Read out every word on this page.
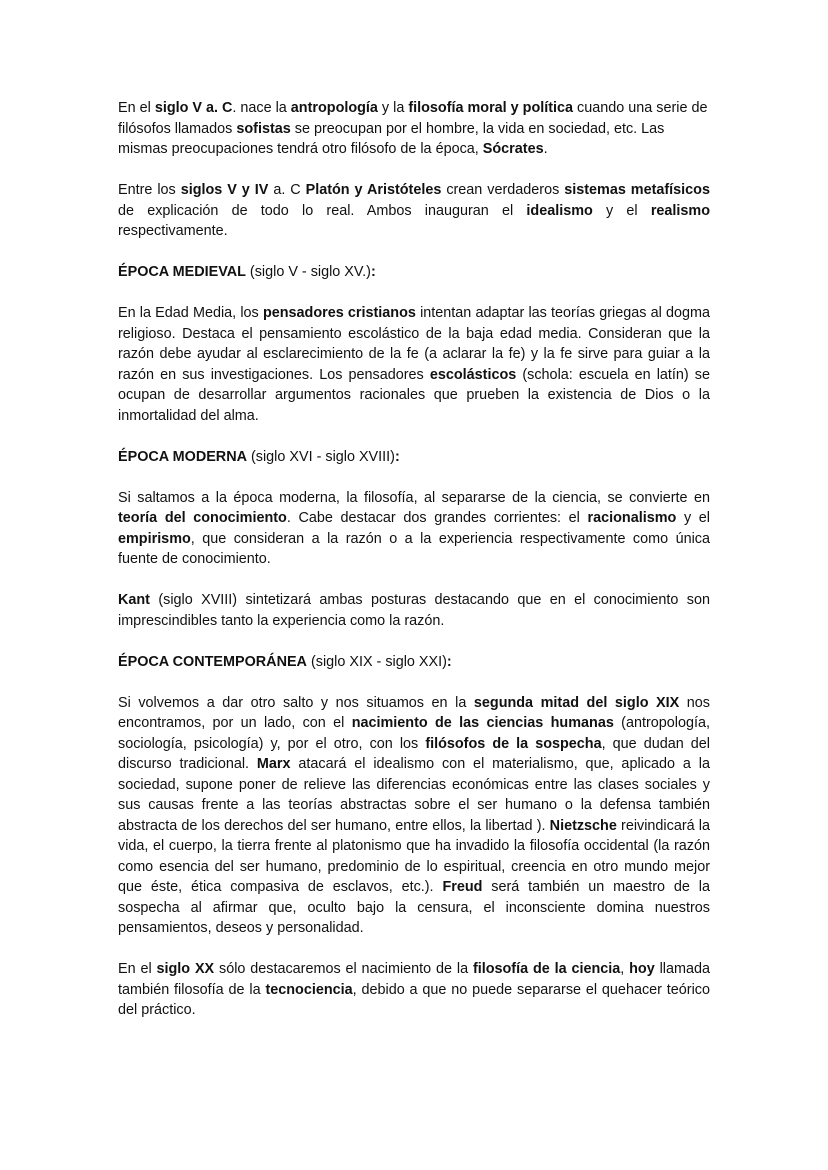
En el siglo V a. C. nace la antropología y la filosofía moral y política cuando una serie de filósofos llamados sofistas se preocupan por el hombre, la vida en sociedad, etc. Las mismas preocupaciones tendrá otro filósofo de la época, Sócrates.

Entre los siglos V y IV a. C Platón y Aristóteles crean verdaderos sistemas metafísicos de explicación de todo lo real. Ambos inauguran el idealismo y el realismo respectivamente.

ÉPOCA MEDIEVAL (siglo V - siglo XV.):

En la Edad Media, los pensadores cristianos intentan adaptar las teorías griegas al dogma religioso. Destaca el pensamiento escolástico de la baja edad media. Consideran que la razón debe ayudar al esclarecimiento de la fe (a aclarar la fe) y la fe sirve para guiar a la razón en sus investigaciones. Los pensadores escolásticos (schola: escuela en latín) se ocupan de desarrollar argumentos racionales que prueben la existencia de Dios o la inmortalidad del alma.

ÉPOCA MODERNA (siglo XVI - siglo XVIII):

Si saltamos a la época moderna, la filosofía, al separarse de la ciencia, se convierte en teoría del conocimiento. Cabe destacar dos grandes corrientes: el racionalismo y el empirismo, que consideran a la razón o a la experiencia respectivamente como única fuente de conocimiento.

Kant (siglo XVIII) sintetizará ambas posturas destacando que en el conocimiento son imprescindibles tanto la experiencia como la razón.

ÉPOCA CONTEMPORÁNEA (siglo XIX - siglo XXI):

Si volvemos a dar otro salto y nos situamos en la segunda mitad del siglo XIX nos encontramos, por un lado, con el nacimiento de las ciencias humanas (antropología, sociología, psicología) y, por el otro, con los filósofos de la sospecha, que dudan del discurso tradicional. Marx atacará el idealismo con el materialismo, que, aplicado a la sociedad, supone poner de relieve las diferencias económicas entre las clases sociales y sus causas frente a las teorías abstractas sobre el ser humano o la defensa también abstracta de los derechos del ser humano, entre ellos, la libertad ). Nietzsche reivindicará la vida, el cuerpo, la tierra frente al platonismo que ha invadido la filosofía occidental (la razón como esencia del ser humano, predominio de lo espiritual, creencia en otro mundo mejor que éste, ética compasiva de esclavos, etc.). Freud será también un maestro de la sospecha al afirmar que, oculto bajo la censura, el inconsciente domina nuestros pensamientos, deseos y personalidad.

En el siglo XX sólo destacaremos el nacimiento de la filosofía de la ciencia, hoy llamada también filosofía de la tecnociencia, debido a que no puede separarse el quehacer teórico del práctico.
